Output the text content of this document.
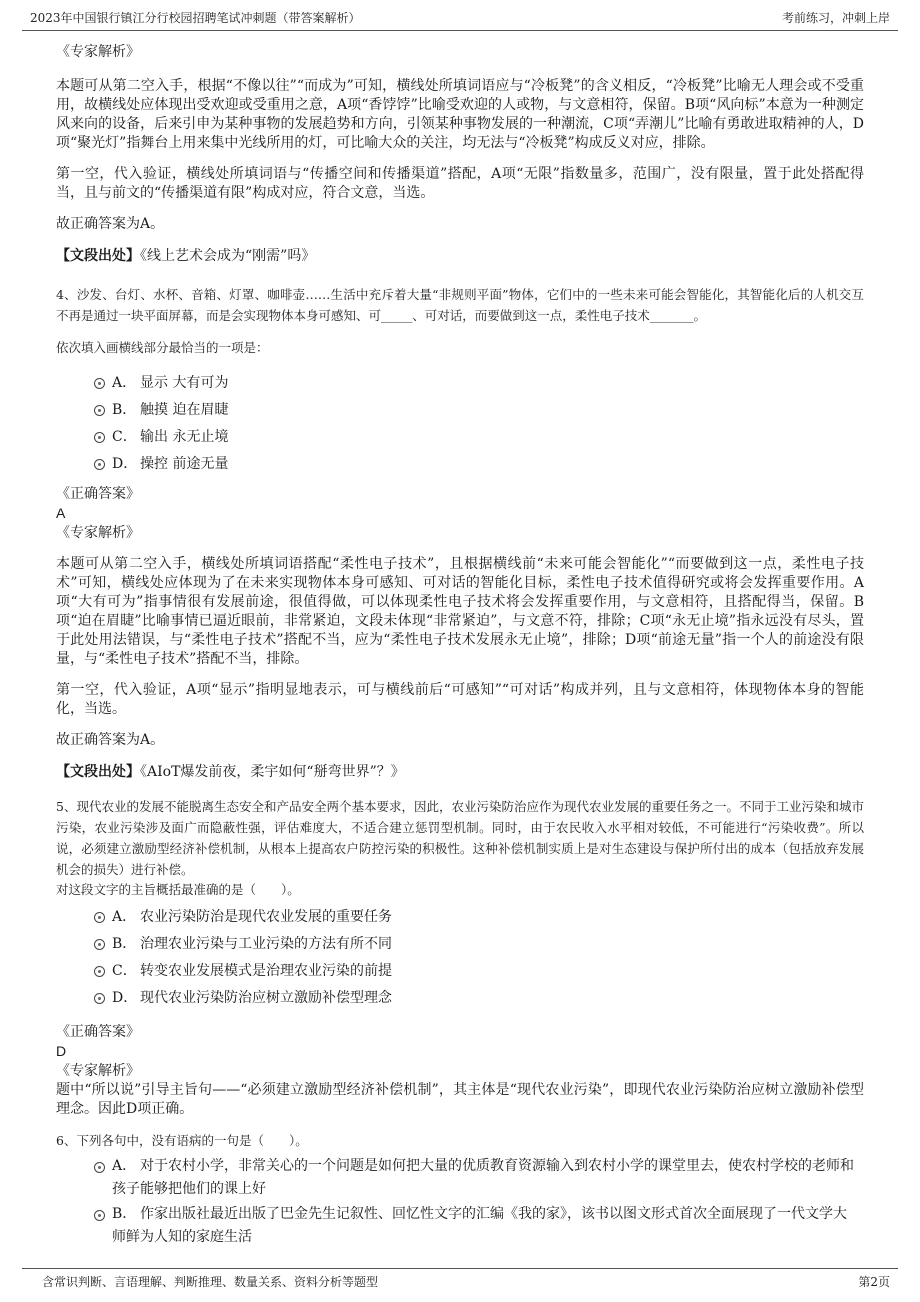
2023年中国银行镇江分行校园招聘笔试冲刺题（带答案解析）	考前练习，冲刺上岸
《专家解析》

本题可从第二空入手，根据“不像以往”“而成为”可知，横线处所填词语应与“冷板凳”的含义相反，“冷板凳”比喻无人理会或不受重用，故横线处应体现出受欢迎或受重用之意，A项“香饽饽”比喻受欢迎的人或物，与文意相符，保留。B项“风向标”本意为一种测定风来向的设备，后来引申为某种事物的发展趋势和方向，引领某种事物发展的一种潮流，C项“弄潮儿”比喻有勇敢进取精神的人，D项“聚光灯”指舞台上用来集中光线所用的灯，可比喻大众的关注，均无法与“冷板凳”构成反义对应，排除。

第一空，代入验证，横线处所填词语与“传播空间和传播渠道”搭配，A项“无限”指数量多，范围广，没有限量，置于此处搭配得当，且与前文的“传播渠道有限”构成对应，符合文意，当选。

故正确答案为A。

【文段出处】《线上艺术会成为“刚需”吗》

4、沙发、台灯、水杯、音箱、灯罩、咖啡壶……生活中充斥着大量“非规则平面”物体，它们中的一些未来可能会智能化，其智能化后的人机交互不再是通过一块平面屏幕，而是会实现物体本身可感知、可_____、可对话，而要做到这一点，柔性电子技术_______。

依次填入画横线部分最恰当的一项是：

A． 显示 大有可为
B． 触摸 迫在眉睫
C． 输出 永无止境
D． 操控 前途无量
《正确答案》
A
《专家解析》

本题可从第二空入手，横线处所填词语搭配“柔性电子技术”，且根据横线前“未来可能会智能化”“而要做到这一点，柔性电子技术”可知，横线处应体现为了在未来实现物体本身可感知、可对话的智能化目标，柔性电子技术值得研究或将会发挥重要作用。A项“大有可为”指事情很有发展前途，很值得做，可以体现柔性电子技术将会发挥重要作用，与文意相符，且搭配得当，保留。B项“迫在眉睫”比喻事情已逼近眼前，非常紧迫，文段未体现“非常紧迫”，与文意不符，排除；C项“永无止境”指永远没有尽头，置于此处用法错误，与“柔性电子技术”搭配不当，应为“柔性电子技术发展永无止境”，排除；D项“前途无量”指一个人的前途没有限量，与“柔性电子技术”搭配不当，排除。

第一空，代入验证，A项“显示”指明显地表示，可与横线前后“可感知”“可对话”构成并列，且与文意相符，体现物体本身的智能化，当选。

故正确答案为A。

【文段出处】《AIoT爆发前夜，柔宇如何“掰弯世界”？》

5、现代农业的发展不能脱离生态安全和产品安全两个基本要求，因此，农业污染防治应作为现代农业发展的重要任务之一。不同于工业污染和城市污染，农业污染涉及面广而隐蔽性强，评估难度大，不适合建立惩罚型机制。同时，由于农民收入水平相对较低，不可能进行“污染收费”。所以说，必须建立激励型经济补偿机制，从根本上提高农户防控污染的积极性。这种补偿机制实质上是对生态建设与保护所付出的成本（包括放弃发展机会的损失）进行补偿。

对这段文字的主旨概括最准确的是（　　）。

A． 农业污染防治是现代农业发展的重要任务
B． 治理农业污染与工业污染的方法有所不同
C． 转变农业发展模式是治理农业污染的前提
D． 现代农业污染防治应树立激励补偿型理念
《正确答案》
D
《专家解析》

题中“所以说”引导主旨句——“必须建立激励型经济补偿机制”，其主体是“现代农业污染”，即现代农业污染防治应树立激励补偿型理念。因此D项正确。

6、下列各句中，没有语病的一句是（　　）。

A． 对于农村小学，非常关心的一个问题是如何把大量的优质教育资源输入到农村小学的课堂里去，使农村学校的老师和孩子能够把他们的课上好
B． 作家出版社最近出版了巴金先生记叙性、回忆性文字的汇编《我的家》，该书以图文形式首次全面展现了一代文学大师鲜为人知的家庭生活
含常识判断、言语理解、判断推理、数量关系、资料分析等题型	第2页
